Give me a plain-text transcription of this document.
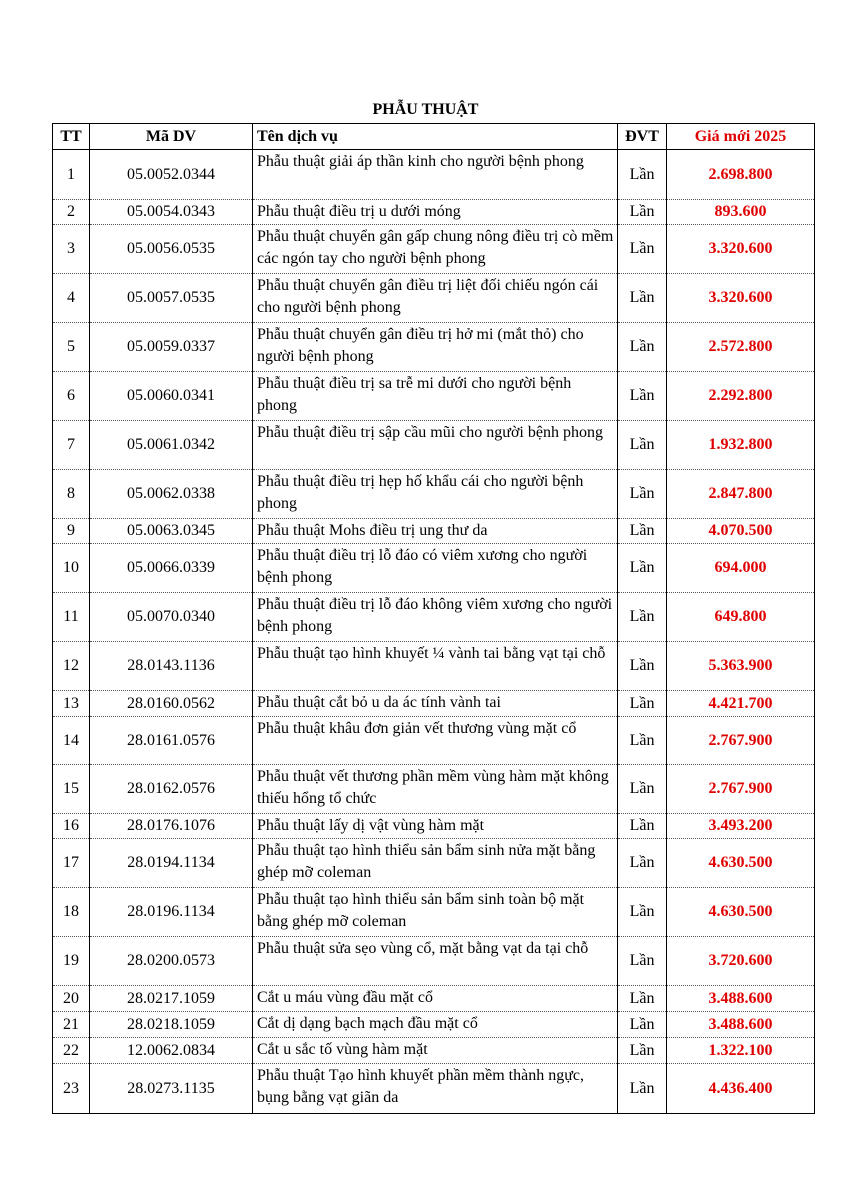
PHẪU THUẬT
TT	Mã DV	Tên dịch vụ	ĐVT	Giá mới 2025
1	05.0052.0344	Phẫu thuật giải áp thần kinh cho người bệnh phong	Lần	2.698.800
2	05.0054.0343	Phẫu thuật điều trị u dưới móng	Lần	893.600
3	05.0056.0535	Phẫu thuật chuyển gân gấp chung nông điều trị cò mềm các ngón tay cho người bệnh phong	Lần	3.320.600
4	05.0057.0535	Phẫu thuật chuyển gân điều trị liệt đối chiếu ngón cái cho người bệnh phong	Lần	3.320.600
5	05.0059.0337	Phẫu thuật chuyển gân điều trị hở mi (mắt thỏ) cho người bệnh phong	Lần	2.572.800
6	05.0060.0341	Phẫu thuật điều trị sa trễ mi dưới cho người bệnh phong	Lần	2.292.800
7	05.0061.0342	Phẫu thuật điều trị sập cầu mũi cho người bệnh phong	Lần	1.932.800
8	05.0062.0338	Phẫu thuật điều trị hẹp hố khẩu cái cho người bệnh phong	Lần	2.847.800
9	05.0063.0345	Phẫu thuật Mohs điều trị ung thư da	Lần	4.070.500
10	05.0066.0339	Phẫu thuật điều trị lỗ đáo có viêm xương cho người bệnh phong	Lần	694.000
11	05.0070.0340	Phẫu thuật điều trị lỗ đáo không viêm xương cho người bệnh phong	Lần	649.800
12	28.0143.1136	Phẫu thuật tạo hình khuyết ¼ vành tai bằng vạt tại chỗ	Lần	5.363.900
13	28.0160.0562	Phẫu thuật cắt bỏ u da ác tính vành tai	Lần	4.421.700
14	28.0161.0576	Phẫu thuật khâu đơn giản vết thương vùng mặt cổ	Lần	2.767.900
15	28.0162.0576	Phẫu thuật vết thương phần mềm vùng hàm mặt không thiếu hổng tổ chức	Lần	2.767.900
16	28.0176.1076	Phẫu thuật lấy dị vật vùng hàm mặt	Lần	3.493.200
17	28.0194.1134	Phẫu thuật tạo hình thiểu sản bẩm sinh nửa mặt bằng ghép mỡ coleman	Lần	4.630.500
18	28.0196.1134	Phẫu thuật tạo hình thiểu sản bẩm sinh toàn bộ mặt bằng ghép mỡ coleman	Lần	4.630.500
19	28.0200.0573	Phẫu thuật sửa sẹo vùng cổ, mặt bằng vạt da tại chỗ	Lần	3.720.600
20	28.0217.1059	Cắt u máu vùng đầu mặt cổ	Lần	3.488.600
21	28.0218.1059	Cắt dị dạng bạch mạch đầu mặt cổ	Lần	3.488.600
22	12.0062.0834	Cắt u sắc tố vùng hàm mặt	Lần	1.322.100
23	28.0273.1135	Phẫu thuật Tạo hình khuyết phần mềm thành ngực, bụng bằng vạt giãn da	Lần	4.436.400
